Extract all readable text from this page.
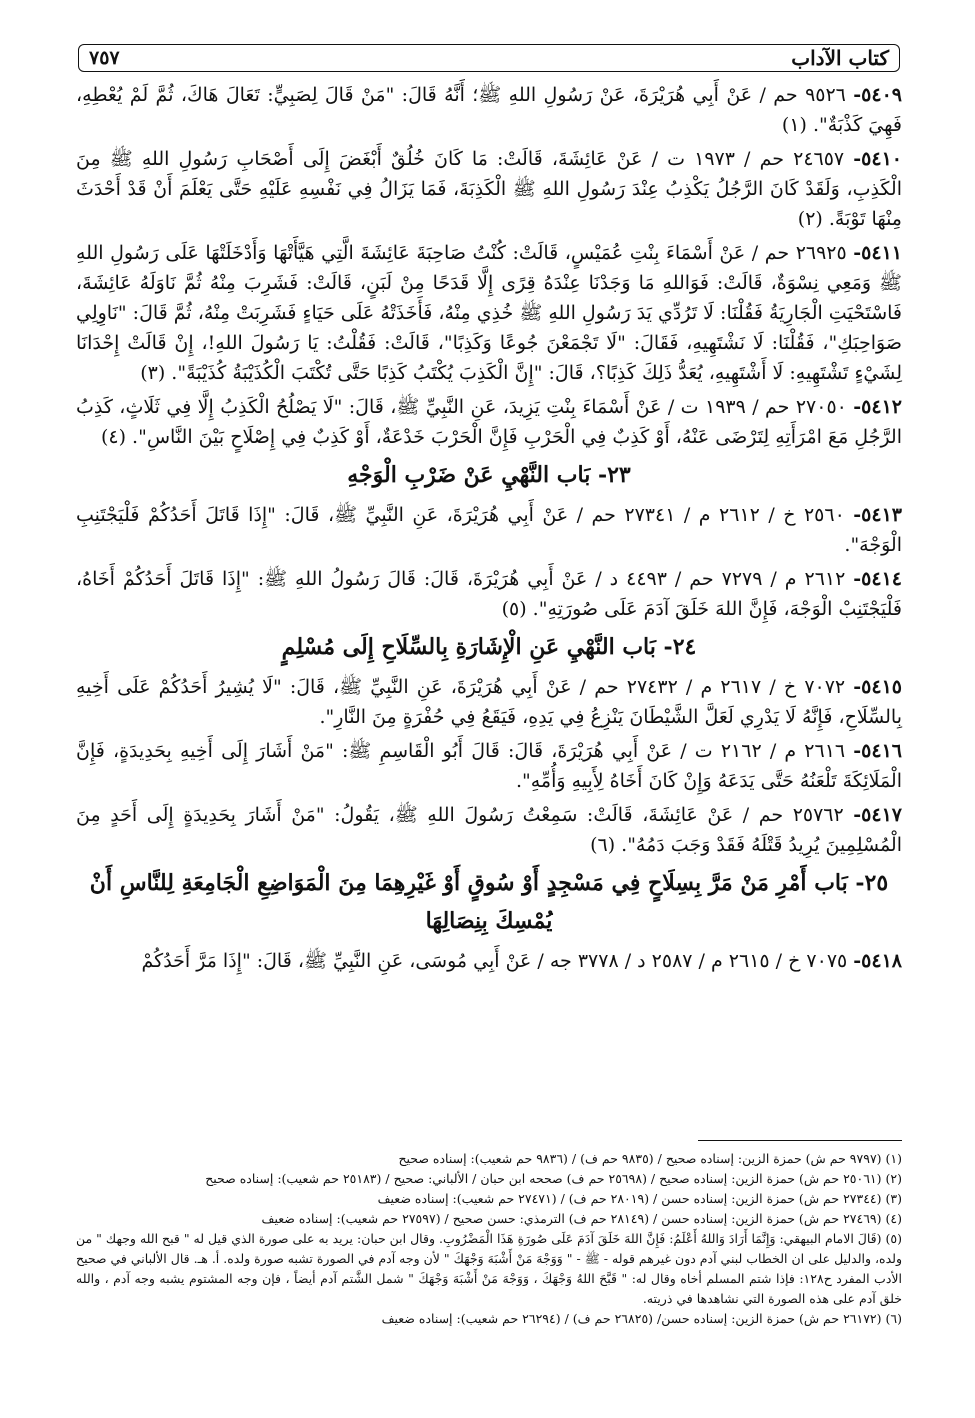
كتاب الآداب
٧٥٧
٥٤٠٩- ٩٥٢٦ حم / عَنْ أَبِي هُرَيْرَةَ، عَنْ رَسُولِ اللهِ ﷺ؛ أَنَّهُ قَالَ: "مَنْ قَالَ لِصَبِيٍّ: تَعَالَ هَاكَ، ثُمَّ لَمْ يُعْطِهِ، فَهِيَ كَذْبَةٌ". (١)
٥٤١٠- ٢٤٦٥٧ حم / ١٩٧٣ ت / عَنْ عَائِشَةَ، قَالَتْ: مَا كَانَ خُلُقٌ أَبْغَضَ إِلَى أَصْحَابِ رَسُولِ اللهِ ﷺ مِنَ الْكَذِبِ، وَلَقَدْ كَانَ الرَّجُلُ يَكْذِبُ عِنْدَ رَسُولِ اللهِ ﷺ الْكَذِبَةَ، فَمَا يَزَالُ فِي نَفْسِهِ عَلَيْهِ حَتَّى يَعْلَمَ أَنْ قَدْ أَحْدَثَ مِنْهَا تَوْبَةً. (٢)
٥٤١١- ٢٦٩٢٥ حم / عَنْ أَسْمَاءَ بِنْتِ عُمَيْسٍ، قَالَتْ: كُنْتُ صَاحِبَةَ عَائِشَةَ الَّتِي هَيَّأَتْهَا وَأَدْخَلَتْهَا عَلَى رَسُولِ اللهِ ﷺ وَمَعِي نِسْوَةٌ، قَالَتْ: فَوَاللهِ مَا وَجَدْنَا عِنْدَهُ قِرًى إِلَّا قَدَحًا مِنْ لَبَنٍ، قَالَتْ: فَشَرِبَ مِنْهُ ثُمَّ نَاوَلَهُ عَائِشَةَ، فَاسْتَحْيَتِ الْجَارِيَةُ فَقُلْنَا: لَا تَرُدِّي يَدَ رَسُولِ اللهِ ﷺ خُذِي مِنْهُ، فَأَخَذَتْهُ عَلَى حَيَاءٍ فَشَرِبَتْ مِنْهُ، ثُمَّ قَالَ: "نَاوِلِي صَوَاحِبَكِ"، فَقُلْنَا: لَا نَشْتَهِيهِ، فَقَالَ: "لَا تَجْمَعْنَ جُوعًا وَكَذِبًا"، قَالَتْ: فَقُلْتُ: يَا رَسُولَ اللهِ!، إِنْ قَالَتْ إِحْدَانَا لِشَيْءٍ تَشْتَهِيهِ: لَا أَشْتَهِيهِ، يُعَدُّ ذَلِكَ كَذِبًا؟، قَالَ: "إِنَّ الْكَذِبَ يُكْتَبُ كَذِبًا حَتَّى تُكْتَبَ الْكُذَيْبَةُ كُذَيْبَةً". (٣)
٥٤١٢- ٢٧٠٥٠ حم / ١٩٣٩ ت / عَنْ أَسْمَاءَ بِنْتِ يَزِيدَ، عَنِ النَّبِيِّ ﷺ، قَالَ: "لَا يَصْلُحُ الْكَذِبُ إِلَّا فِي ثَلَاثٍ، كَذِبُ الرَّجُلِ مَعَ امْرَأَتِهِ لِتَرْضَى عَنْهُ، أَوْ كَذِبٌ فِي الْحَرْبِ فَإِنَّ الْحَرْبَ خَدْعَةٌ، أَوْ كَذِبٌ فِي إِصْلَاحٍ بَيْنَ النَّاسِ". (٤)
٢٣- بَاب النَّهْيِ عَنْ ضَرْبِ الْوَجْهِ
٥٤١٣- ٢٥٦٠ خ / ٢٦١٢ م / ٢٧٣٤١ حم / عَنْ أَبِي هُرَيْرَةَ، عَنِ النَّبِيِّ ﷺ، قَالَ: "إِذَا قَاتَلَ أَحَدُكُمْ فَلْيَجْتَنِبِ الْوَجْهَ".
٥٤١٤- ٢٦١٢ م / ٧٢٧٩ حم / ٤٤٩٣ د / عَنْ أَبِي هُرَيْرَةَ، قَالَ: قَالَ رَسُولُ اللهِ ﷺ: "إِذَا قَاتَلَ أَحَدُكُمْ أَخَاهُ، فَلْيَجْتَنِبْ الْوَجْهَ، فَإِنَّ اللهَ خَلَقَ آدَمَ عَلَى صُورَتِهِ". (٥)
٢٤- بَاب النَّهْيِ عَنِ الْإِشَارَةِ بِالسِّلَاحِ إِلَى مُسْلِمٍ
٥٤١٥- ٧٠٧٢ خ / ٢٦١٧ م / ٢٧٤٣٢ حم / عَنْ أَبِي هُرَيْرَةَ، عَنِ النَّبِيِّ ﷺ، قَالَ: "لَا يُشِيرُ أَحَدُكُمْ عَلَى أَخِيهِ بِالسِّلَاحِ، فَإِنَّهُ لَا يَدْرِي لَعَلَّ الشَّيْطَانَ يَنْزِعُ فِي يَدِهِ، فَيَقَعُ فِي حُفْرَةٍ مِنَ النَّارِ".
٥٤١٦- ٢٦١٦ م / ٢١٦٢ ت / عَنْ أَبِي هُرَيْرَةَ، قَالَ: قَالَ أَبُو الْقَاسِمِ ﷺ: "مَنْ أَشَارَ إِلَى أَخِيهِ بِحَدِيدَةٍ، فَإِنَّ الْمَلَائِكَةَ تَلْعَنُهُ حَتَّى يَدَعَهُ وَإِنْ كَانَ أَخَاهُ لِأَبِيهِ وَأُمِّهِ".
٥٤١٧- ٢٥٧٦٢ حم / عَنْ عَائِشَةَ، قَالَتْ: سَمِعْتُ رَسُولَ اللهِ ﷺ، يَقُولُ: "مَنْ أَشَارَ بِحَدِيدَةٍ إِلَى أَحَدٍ مِنَ الْمُسْلِمِينَ يُرِيدُ قَتْلَهُ فَقَدْ وَجَبَ دَمُهُ". (٦)
٢٥- بَاب أَمْرِ مَنْ مَرَّ بِسِلَاحٍ فِي مَسْجِدٍ أَوْ سُوقٍ أَوْ غَيْرِهِمَا مِنَ الْمَوَاضِعِ الْجَامِعَةِ لِلنَّاسِ أَنْ يُمْسِكَ بِنِصَالِهَا
٥٤١٨- ٧٠٧٥ خ / ٢٦١٥ م / ٢٥٨٧ د / ٣٧٧٨ جه / عَنْ أَبِي مُوسَى، عَنِ النَّبِيِّ ﷺ، قَالَ: "إِذَا مَرَّ أَحَدُكُمْ
(١) (٩٧٩٧ حم ش) حمزة الزين: إسناده صحيح / (٩٨٣٥ حم ف) / (٩٨٣٦ حم شعيب): إسناده صحيح
(٢) (٢٥٠٦١ حم ش) حمزة الزين: إسناده صحيح / (٢٥٦٩٨ حم ف) صححه ابن حبان / الألباني: صحيح / (٢٥١٨٣ حم شعيب): إسناده صحيح
(٣) (٢٧٣٤٤ حم ش) حمزة الزين: إسناده حسن / (٢٨٠١٩ حم ف) / (٢٧٤٧١ حم شعيب): إسناده ضعيف
(٤) (٢٧٤٦٩ حم ش) حمزة الزين: إسناده حسن / (٢٨١٤٩ حم ف) الترمذي: حسن صحيح / (٢٧٥٩٧ حم شعيب): إسناده ضعيف
(٥) (قَالَ الامام البيهقي: وَإِنَّمَا أَرَادَ وَاللهُ أَعْلَمُ: فَإِنَّ اللهَ خَلَقَ آدَمَ عَلَى صُورَةِ هَذَا الْمَضْرُوبِ. وقال ابن حبان: يريد به على صورة الذي قيل له " قبح الله وجهك " من ولده، والدليل على ان الخطاب لبني آدم دون غيرهم قوله - ﷺ - " وَوَجْهَ مَنْ أَشْبَهَ وَجْهَكَ " لأن وجه آدم في الصورة تشبه صورة ولده. أ. هـ. قال الألباني في صحيح الأدب المفرد ح١٢٨: فإذا شتم المسلم أخاه وقال له: " قَبَّحَ اللهُ وَجْهَكَ ، وَوَجْهَ مَنْ أَشْبَهَ وَجْهَكَ " شمل الشَّتم آدم أيضاً ، فإن وجه المشتوم يشبه وجه آدم ، والله خلق آدم على هذه الصورة التي نشاهدها في ذريته.
(٦) (٢٦١٧٢ حم ش) حمزة الزين: إسناده حسن/ (٢٦٨٢٥ حم ف) / (٢٦٢٩٤ حم شعيب): إسناده ضعيف
